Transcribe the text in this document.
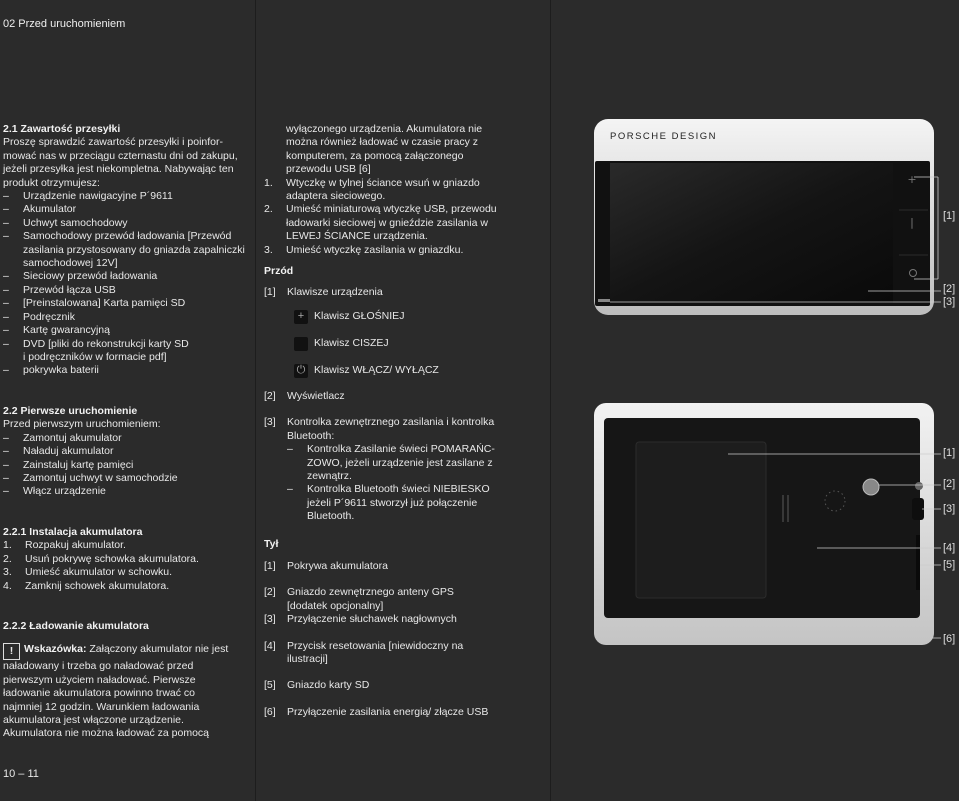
02 Przed uruchomieniem
2.1 Zawartość przesyłki
Proszę sprawdzić zawartość przesyłki i poinfor-
mować nas w przeciągu czternastu dni od zakupu,
jeżeli przesyłka jest niekompletna. Nabywając ten
produkt otrzymujesz:
–	Urządzenie nawigacyjne P´9611
–	Akumulator
–	Uchwyt samochodowy
–	Samochodowy przewód ładowania [Przewód
zasilania przystosowany do gniazda zapalniczki
samochodowej 12V]
–	Sieciowy przewód ładowania
–	Przewód łącza USB
–	[Preinstalowana] Karta pamięci SD
–	Podręcznik
–	Kartę gwarancyjną
–	DVD [pliki do rekonstrukcji karty SD
i podręczników w formacie pdf]
–	pokrywka baterii
2.2 Pierwsze uruchomienie
Przed pierwszym uruchomieniem:
–	Zamontuj akumulator
–	Naładuj akumulator
–	Zainstaluj kartę pamięci
–	Zamontuj uchwyt w samochodzie
–	Włącz urządzenie
2.2.1 Instalacja akumulatora
1.	Rozpakuj akumulator.
2.	Usuń pokrywę schowka akumulatora.
3.	Umieść akumulator w schowku.
4.	Zamknij schowek akumulatora.
2.2.2 Ładowanie akumulatora
! Wskazówka: Załączony akumulator nie jest
naładowany i trzeba go naładować przed
pierwszym użyciem naładować. Pierwsze
ładowanie akumulatora powinno trwać co
najmniej 12 godzin. Warunkiem ładowania
akumulatora jest włączone urządzenie.
Akumulatora nie można ładować za pomocą
wyłączonego urządzenia. Akumulatora nie
można również ładować w czasie pracy z
komputerem, za pomocą załączonego
przewodu USB [6]
1.	Wtyczkę w tylnej ściance wsuń w gniazdo
adaptera sieciowego.
2.	Umieść miniaturową wtyczkę USB, przewodu
ładowarki sieciowej w gnieździe zasilania w
LEWEJ ŚCIANCE urządzenia.
3.	Umieść wtyczkę zasilania w gniazdku.
Przód
[1]	Klawisze urządzenia
+ Klawisz GŁOŚNIEJ
Klawisz CISZEJ
⏻ Klawisz WŁĄCZ/ WYŁĄCZ
[2]	Wyświetlacz
[3]	Kontrolka zewnętrznego zasilania i kontrolka
Bluetooth:
–	Kontrolka Zasilanie świeci POMARAŃC-
ZOWO, jeżeli urządzenie jest zasilane z
zewnątrz.
–	Kontrolka Bluetooth świeci NIEBIESKO
jeżeli P´9611 stworzył już połączenie
Bluetooth.
Tył
[1]	Pokrywa akumulatora
[2]	Gniazdo zewnętrznego anteny GPS
[dodatek opcjonalny]
[3]	Przyłączenie słuchawek nagłownych
[4]	Przycisk resetowania [niewidoczny na
ilustracji]
[5]	Gniazdo karty SD
[6]	Przyłączenie zasilania energią/ złącze USB
10 – 11
+
|
PORSCHE DESIGN
[1]
[2]
[3]
[1]
[2]
[3]
[4]
[5]
[6]
